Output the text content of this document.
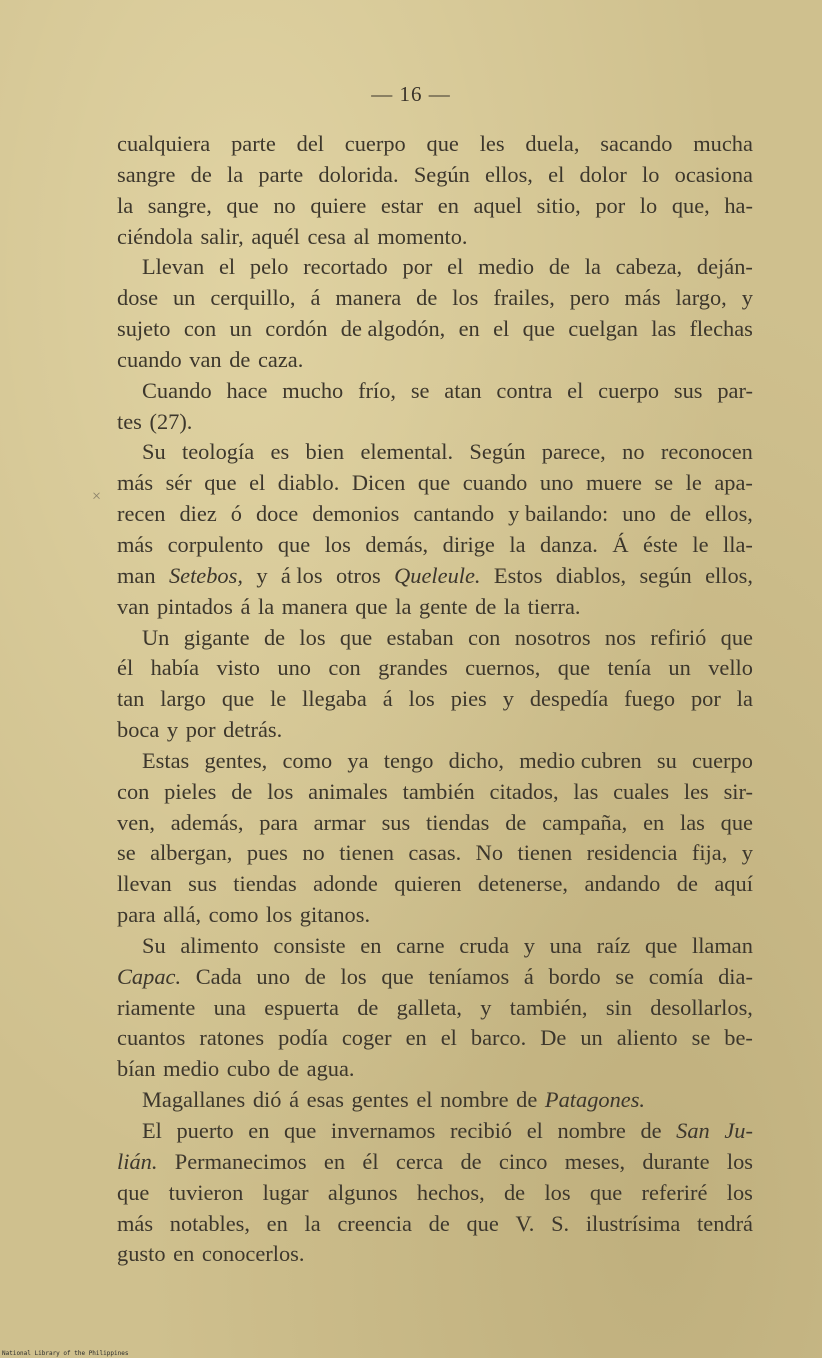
— 16 —
×
cualquiera parte del cuerpo que les duela, sacando mucha
sangre de la parte dolorida. Según ellos, el dolor lo ocasiona
la sangre, que no quiere estar en aquel sitio, por lo que, ha-
ciéndola salir, aquél cesa al momento.
Llevan el pelo recortado por el medio de la cabeza, deján-
dose un cerquillo, á manera de los frailes, pero más largo, y
sujeto con un cordón de algodón, en el que cuelgan las flechas
cuando van de caza.
Cuando hace mucho frío, se atan contra el cuerpo sus par-
tes (27).
Su teología es bien elemental. Según parece, no reconocen
más sér que el diablo. Dicen que cuando uno muere se le apa-
recen diez ó doce demonios cantando y bailando: uno de ellos,
más corpulento que los demás, dirige la danza. Á éste le lla-
man Setebos, y á los otros Queleule. Estos diablos, según ellos,
van pintados á la manera que la gente de la tierra.
Un gigante de los que estaban con nosotros nos refirió que
él había visto uno con grandes cuernos, que tenía un vello
tan largo que le llegaba á los pies y despedía fuego por la
boca y por detrás.
Estas gentes, como ya tengo dicho, medio cubren su cuerpo
con pieles de los animales también citados, las cuales les sir-
ven, además, para armar sus tiendas de campaña, en las que
se albergan, pues no tienen casas. No tienen residencia fija, y
llevan sus tiendas adonde quieren detenerse, andando de aquí
para allá, como los gitanos.
Su alimento consiste en carne cruda y una raíz que llaman
Capac. Cada uno de los que teníamos á bordo se comía dia-
riamente una espuerta de galleta, y también, sin desollarlos,
cuantos ratones podía coger en el barco. De un aliento se be-
bían medio cubo de agua.
Magallanes dió á esas gentes el nombre de Patagones.
El puerto en que invernamos recibió el nombre de San Ju-
lián. Permanecimos en él cerca de cinco meses, durante los
que tuvieron lugar algunos hechos, de los que referiré los
más notables, en la creencia de que V. S. ilustrísima tendrá
gusto en conocerlos.
National Library of the Philippines
